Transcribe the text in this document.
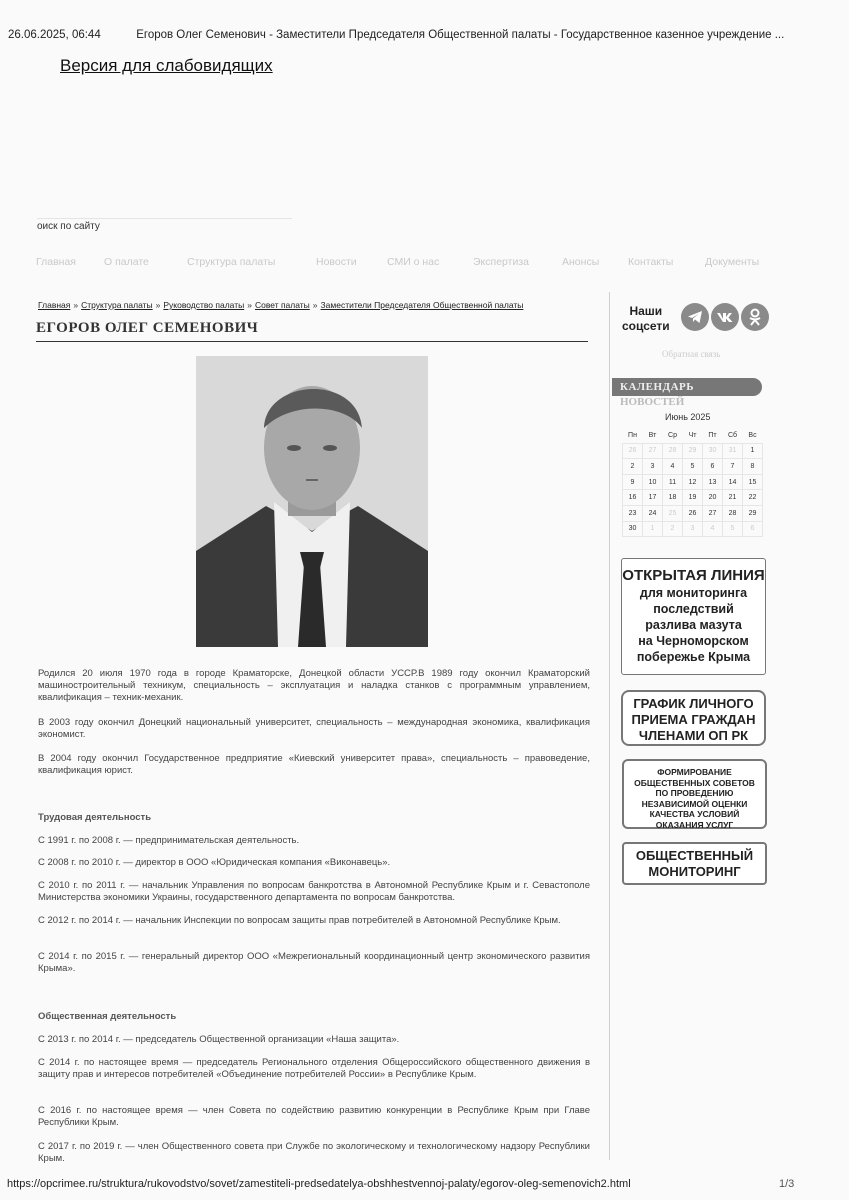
26.06.2025, 06:44	Егоров Олег Семенович - Заместители Председателя Общественной палаты - Государственное казенное учреждение ...
Версия для слабовидящих
оиск по сайту
Главная	О палате	Структура палаты	Новости	СМИ о нас	Экспертиза	Анонсы	Контакты	Документы
Главная » Структура палаты » Руководство палаты » Совет палаты » Заместители Председателя Общественной палаты
ЕГОРОВ ОЛЕГ СЕМЕНОВИЧ

Родился 20 июля 1970 года в городе Краматорске, Донецкой области УССР.В 1989 году окончил Краматорский машиностроительный техникум, специальность – эксплуатация и наладка станков с программным управлением, квалификация – техник-механик.

В 2003 году окончил Донецкий национальный университет, специальность – международная экономика, квалификация экономист.

В 2004 году окончил Государственное предприятие «Киевский университет права», специальность – правоведение, квалификация юрист.

Трудовая деятельность
С 1991 г. по 2008 г. — предпринимательская деятельность.
С 2008 г. по 2010 г. — директор в ООО «Юридическая компания «Виконавець».
С 2010 г. по 2011 г. — начальник Управления по вопросам банкротства в Автономной Республике Крым и г. Севастополе Министерства экономики Украины, государственного департамента по вопросам банкротства.
С 2012 г. по 2014 г. — начальник Инспекции по вопросам защиты прав потребителей в Автономной Республике Крым.
С 2014 г. по 2015 г. — генеральный директор ООО «Межрегиональный координационный центр экономического развития Крыма».
Общественная деятельность
С 2013 г. по 2014 г. — председатель Общественной организации «Наша защита».
С 2014 г. по настоящее время — председатель Регионального отделения Общероссийского общественного движения в защиту прав и интересов потребителей «Объединение потребителей России» в Республике Крым.
С 2016 г. по настоящее время — член Совета по содействию развитию конкуренции в Республике Крым при Главе Республики Крым.
С 2017 г. по 2019 г. — член Общественного совета при Службе по экологическому и технологическому надзору Республики Крым.
Наши
соцсети
Обратная связь
КАЛЕНДАРЬ
НОВОСТЕЙ
Июнь 2025
Пн	Вт	Ср	Чт	Пт	Сб	Вс
26	27	28	29	30	31	1
2	3	4	5	6	7	8
9	10	11	12	13	14	15
16	17	18	19	20	21	22
23	24	25	26	27	28	29
30	1	2	3	4	5	6
ОТКРЫТАЯ ЛИНИЯ
для мониторинга
последствий
разлива мазута
на Черноморском
побережье Крыма
ГРАФИК ЛИЧНОГО
ПРИЕМА ГРАЖДАН
ЧЛЕНАМИ ОП РК
ФОРМИРОВАНИЕ
ОБЩЕСТВЕННЫХ СОВЕТОВ
ПО ПРОВЕДЕНИЮ
НЕЗАВИСИМОЙ ОЦЕНКИ
КАЧЕСТВА УСЛОВИЙ
ОКАЗАНИЯ УСЛУГ
ОБЩЕСТВЕННЫЙ
МОНИТОРИНГ
https://opcrimee.ru/struktura/rukovodstvo/sovet/zamestiteli-predsedatelya-obshhestvennoj-palaty/egorov-oleg-semenovich2.html	1/3
